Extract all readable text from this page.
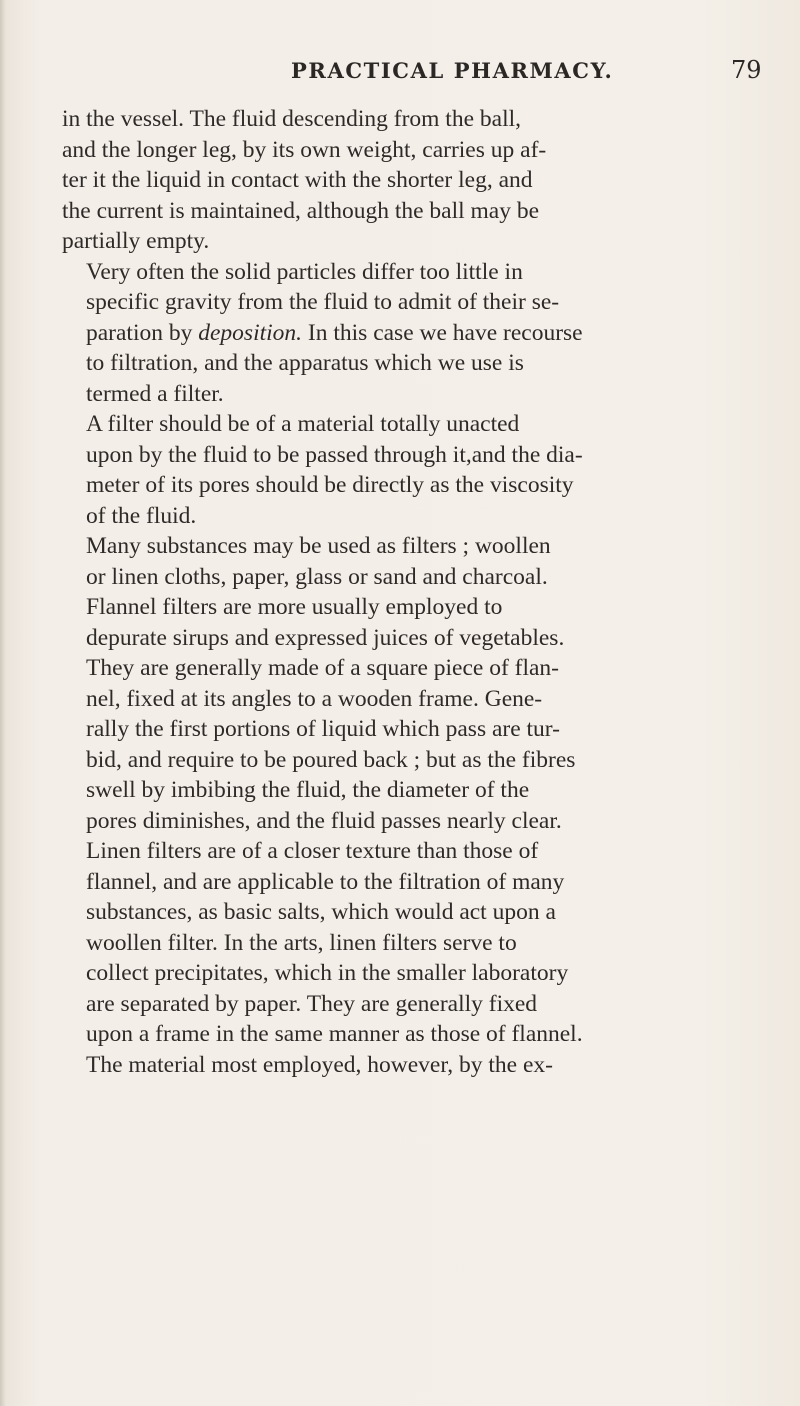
PRACTICAL PHARMACY.	79

in the vessel. The fluid descending from the ball,
and the longer leg, by its own weight, carries up af-
ter it the liquid in contact with the shorter leg, and
the current is maintained, although the ball may be
partially empty.

Very often the solid particles differ too little in
specific gravity from the fluid to admit of their se-
paration by deposition. In this case we have recourse
to filtration, and the apparatus which we use is
termed a filter.

A filter should be of a material totally unacted
upon by the fluid to be passed through it,and the dia-
meter of its pores should be directly as the viscosity
of the fluid.

Many substances may be used as filters ; woollen
or linen cloths, paper, glass or sand and charcoal.

Flannel filters are more usually employed to
depurate sirups and expressed juices of vegetables.
They are generally made of a square piece of flan-
nel, fixed at its angles to a wooden frame. Gene-
rally the first portions of liquid which pass are tur-
bid, and require to be poured back ; but as the fibres
swell by imbibing the fluid, the diameter of the
pores diminishes, and the fluid passes nearly clear.

Linen filters are of a closer texture than those of
flannel, and are applicable to the filtration of many
substances, as basic salts, which would act upon a
woollen filter. In the arts, linen filters serve to
collect precipitates, which in the smaller laboratory
are separated by paper. They are generally fixed
upon a frame in the same manner as those of flannel.
The material most employed, however, by the ex-
